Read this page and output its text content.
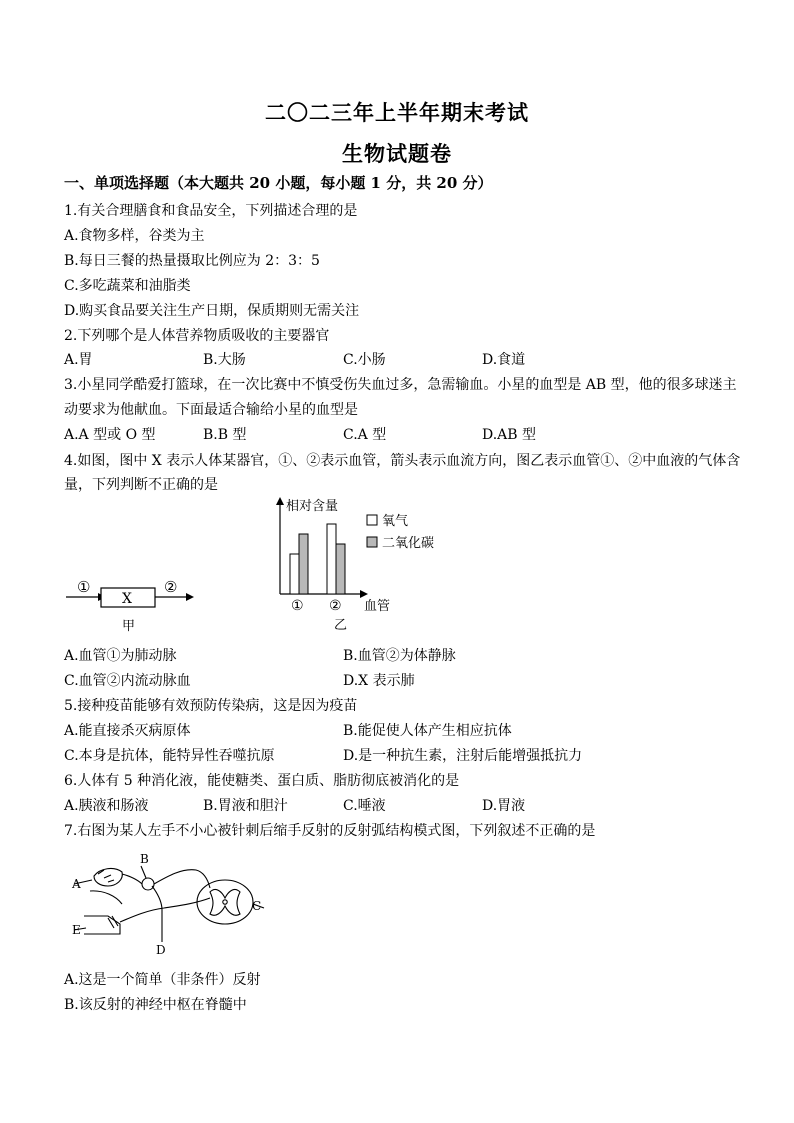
二〇二三年上半年期末考试
生物试题卷
一、单项选择题（本大题共 20 小题，每小题 1 分，共 20 分）
1.有关合理膳食和食品安全，下列描述合理的是
A.食物多样，谷类为主
B.每日三餐的热量摄取比例应为 2：3：5
C.多吃蔬菜和油脂类
D.购买食品要关注生产日期，保质期则无需关注
2.下列哪个是人体营养物质吸收的主要器官
A.胃	B.大肠	C.小肠	D.食道
3.小星同学酷爱打篮球，在一次比赛中不慎受伤失血过多，急需输血。小星的血型是 AB 型，他的很多球迷主
动要求为他献血。下面最适合输给小星的血型是
A.A 型或 O 型	B.B 型	C.A 型	D.AB 型
4.如图，图中 X 表示人体某器官，①、②表示血管，箭头表示血流方向，图乙表示血管①、②中血液的气体含
量，下列判断不正确的是
①	②
X
甲
相对含量
① ② 血管
乙
氧气
二氧化碳
A.血管①为肺动脉	B.血管②为体静脉
C.血管②内流动脉血	D.X 表示肺
5.接种疫苗能够有效预防传染病，这是因为疫苗
A.能直接杀灭病原体	B.能促使人体产生相应抗体
C.本身是抗体，能特异性吞噬抗原	D.是一种抗生素，注射后能增强抵抗力
6.人体有 5 种消化液，能使糖类、蛋白质、脂肪彻底被消化的是
A.胰液和肠液	B.胃液和胆汁	C.唾液	D.胃液
7.右图为某人左手不小心被针刺后缩手反射的反射弧结构模式图，下列叙述不正确的是
B
A
C
D
E
A.这是一个简单（非条件）反射
B.该反射的神经中枢在脊髓中
